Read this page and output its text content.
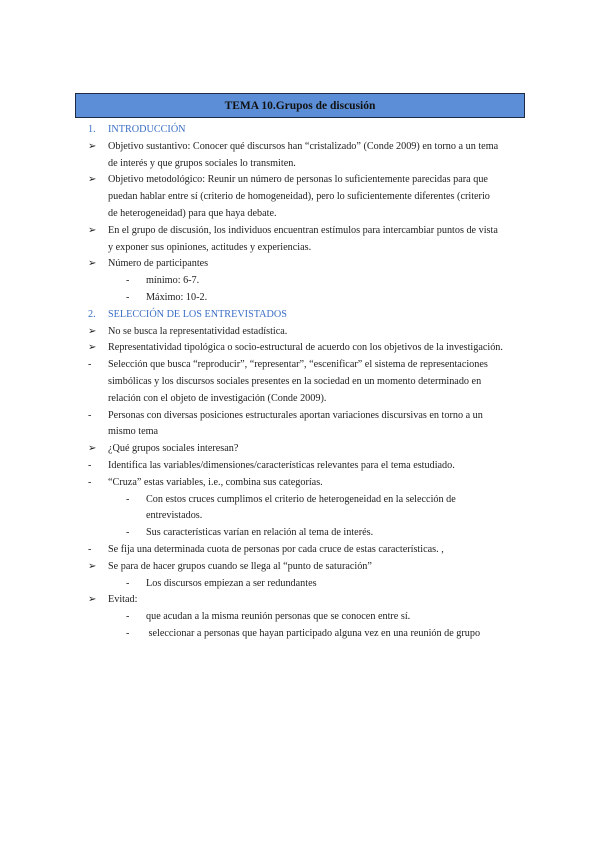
TEMA 10.Grupos de discusión
1. INTRODUCCIÓN
➢	Objetivo sustantivo: Conocer qué discursos han “cristalizado” (Conde 2009) en torno a un tema
de interés y que grupos sociales lo transmiten.
➢	Objetivo metodológico: Reunir un número de personas lo suficientemente parecidas para que
puedan hablar entre sí (criterio de homogeneidad), pero lo suficientemente diferentes (criterio
de heterogeneidad) para que haya debate.
➢	En el grupo de discusión, los individuos encuentran estímulos para intercambiar puntos de vista
y exponer sus opiniones, actitudes y experiencias.
➢	Número de participantes
-	mínimo: 6-7.
-	Máximo: 10-2.
2. SELECCIÓN DE LOS ENTREVISTADOS
➢	No se busca la representatividad estadística.
➢	Representatividad tipológica o socio-estructural de acuerdo con los objetivos de la investigación.
-	Selección que busca “reproducir”, “representar”, “escenificar” el sistema de representaciones
simbólicas y los discursos sociales presentes en la sociedad en un momento determinado en
relación con el objeto de investigación (Conde 2009).
-	Personas con diversas posiciones estructurales aportan variaciones discursivas en torno a un
mismo tema
➢	¿Qué grupos sociales interesan?
-	Identifica las variables/dimensiones/características relevantes para el tema estudiado.
-	“Cruza” estas variables, i.e., combina sus categorías.
-	Con estos cruces cumplimos el criterio de heterogeneidad en la selección de
entrevistados.
-	Sus características varían en relación al tema de interés.
-	Se fija una determinada cuota de personas por cada cruce de estas características. ,
➢	Se para de hacer grupos cuando se llega al “punto de saturación”
-	Los discursos empiezan a ser redundantes
➢	Evitad:
-	que acudan a la misma reunión personas que se conocen entre sí.
-	seleccionar a personas que hayan participado alguna vez en una reunión de grupo
